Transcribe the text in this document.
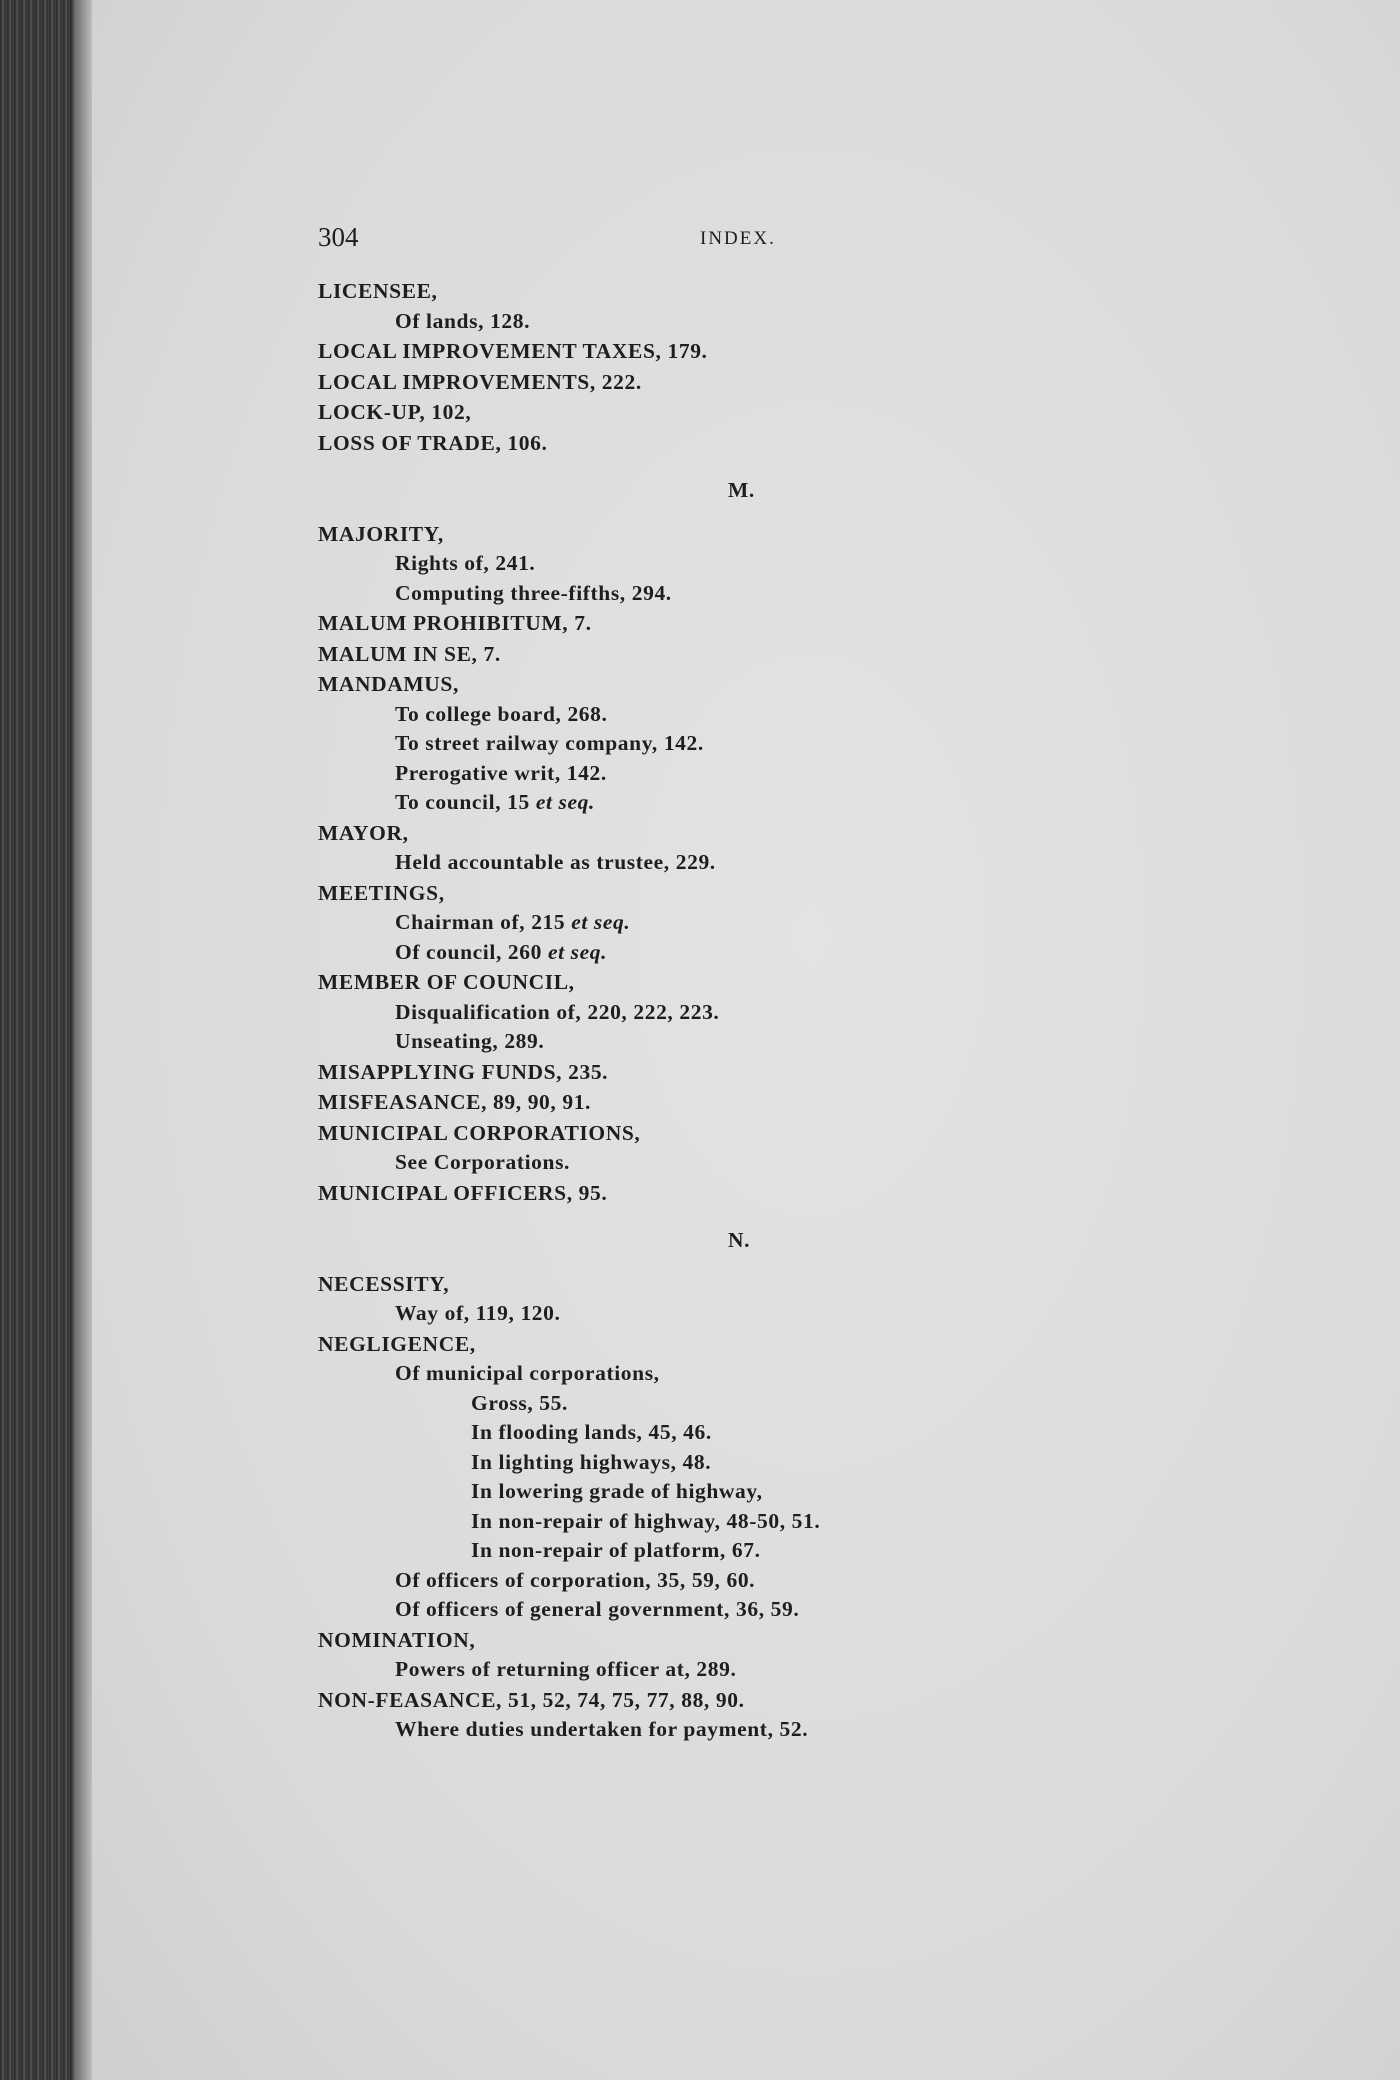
304	INDEX.
LICENSEE,
Of lands, 128.
LOCAL IMPROVEMENT TAXES, 179.
LOCAL IMPROVEMENTS, 222.
LOCK-UP, 102,
LOSS OF TRADE, 106.
M.
MAJORITY,
Rights of, 241.
Computing three-fifths, 294.
MALUM PROHIBITUM, 7.
MALUM IN SE, 7.
MANDAMUS,
To college board, 268.
To street railway company, 142.
Prerogative writ, 142.
To council, 15 et seq.
MAYOR,
Held accountable as trustee, 229.
MEETINGS,
Chairman of, 215 et seq.
Of council, 260 et seq.
MEMBER OF COUNCIL,
Disqualification of, 220, 222, 223.
Unseating, 289.
MISAPPLYING FUNDS, 235.
MISFEASANCE, 89, 90, 91.
MUNICIPAL CORPORATIONS,
See Corporations.
MUNICIPAL OFFICERS, 95.
N.
NECESSITY,
Way of, 119, 120.
NEGLIGENCE,
Of municipal corporations,
Gross, 55.
In flooding lands, 45, 46.
In lighting highways, 48.
In lowering grade of highway,
In non-repair of highway, 48-50, 51.
In non-repair of platform, 67.
Of officers of corporation, 35, 59, 60.
Of officers of general government, 36, 59.
NOMINATION,
Powers of returning officer at, 289.
NON-FEASANCE, 51, 52, 74, 75, 77, 88, 90.
Where duties undertaken for payment, 52.
